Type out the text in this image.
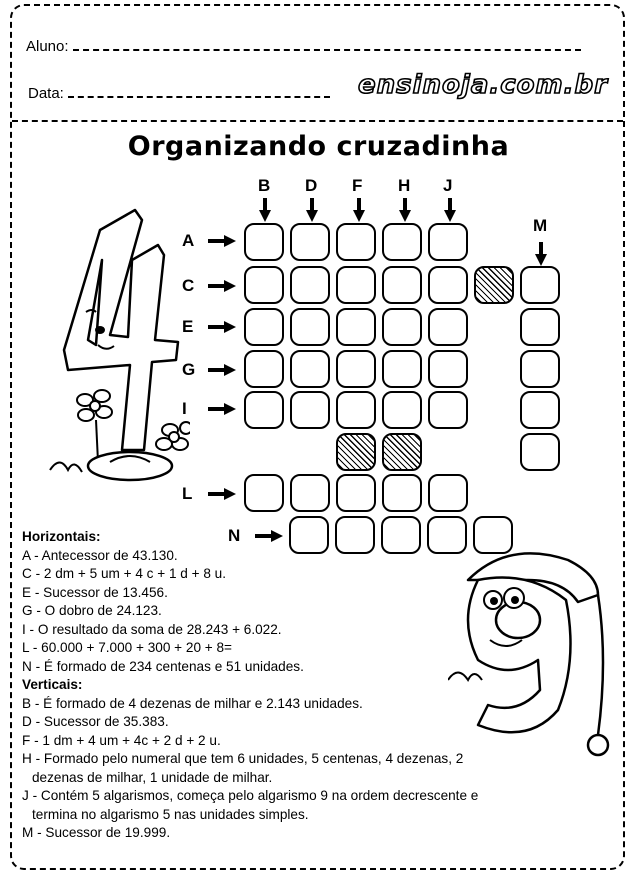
Aluno:
Data:	ensinoja.com.br
Organizando cruzadinha
B D F H J
M
A
C
E
G
I
L
N
Horizontais:
A - Antecessor de 43.130.
C - 2 dm + 5 um + 4 c + 1 d + 8 u.
E - Sucessor de 13.456.
G - O dobro de 24.123.
I - O resultado da soma de 28.243 + 6.022.
L - 60.000 + 7.000 + 300 + 20 + 8=
N - É formado de 234 centenas e 51 unidades.
Verticais:
B - É formado de 4 dezenas de milhar e 2.143 unidades.
D - Sucessor de 35.383.
F - 1 dm + 4 um + 4c + 2 d + 2 u.
H - Formado pelo numeral que tem 6 unidades, 5 centenas, 4 dezenas, 2
dezenas de milhar, 1 unidade de milhar.
J - Contém 5 algarismos, começa pelo algarismo 9 na ordem decrescente e
termina no algarismo 5 nas unidades simples.
M - Sucessor de 19.999.
